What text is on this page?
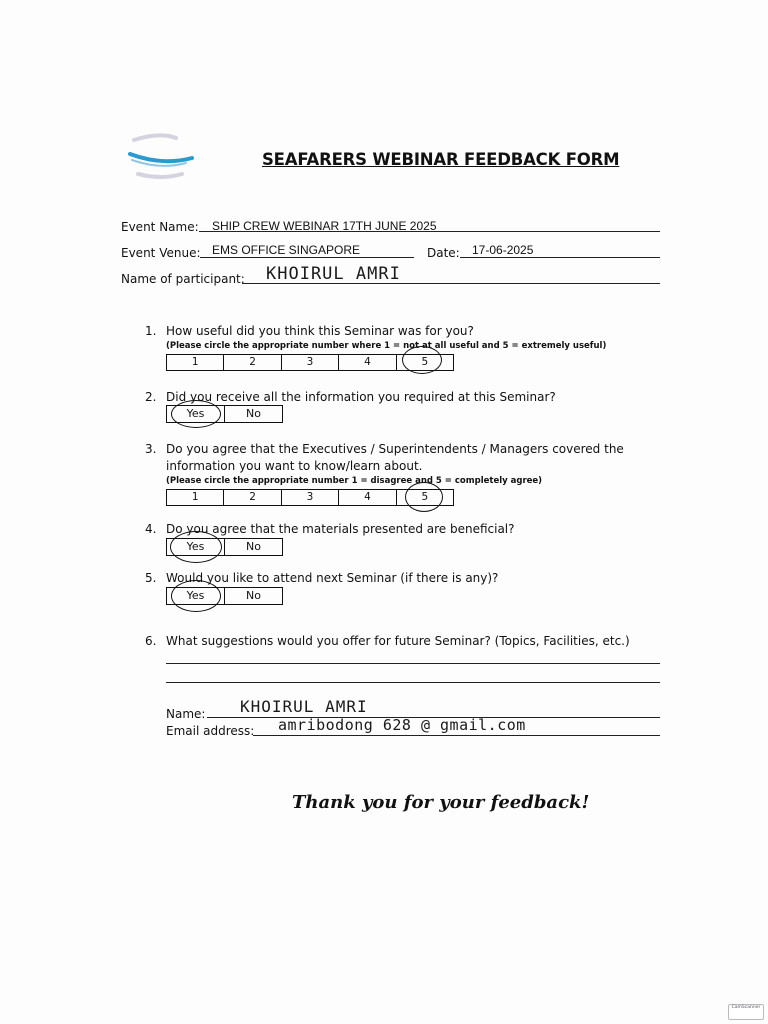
SEAFARERS WEBINAR FEEDBACK FORM
Event Name: SHIP CREW WEBINAR 17TH JUNE 2025
Event Venue: EMS OFFICE SINGAPORE	Date: 17-06-2025
Name of participant: KHOIRUL AMRI
1. How useful did you think this Seminar was for you?
(Please circle the appropriate number where 1 = not at all useful and 5 = extremely useful)
1	2	3	4	5
2. Did you receive all the information you required at this Seminar?
Yes	No
3. Do you agree that the Executives / Superintendents / Managers covered the
information you want to know/learn about.
(Please circle the appropriate number 1 = disagree and 5 = completely agree)
1	2	3	4	5
4. Do you agree that the materials presented are beneficial?
Yes	No
5. Would you like to attend next Seminar (if there is any)?
Yes	No
6. What suggestions would you offer for future Seminar? (Topics, Facilities, etc.)
Name: KHOIRUL AMRI
Email address: amribodong 628 @ gmail.com
Thank you for your feedback!
CamScanner
